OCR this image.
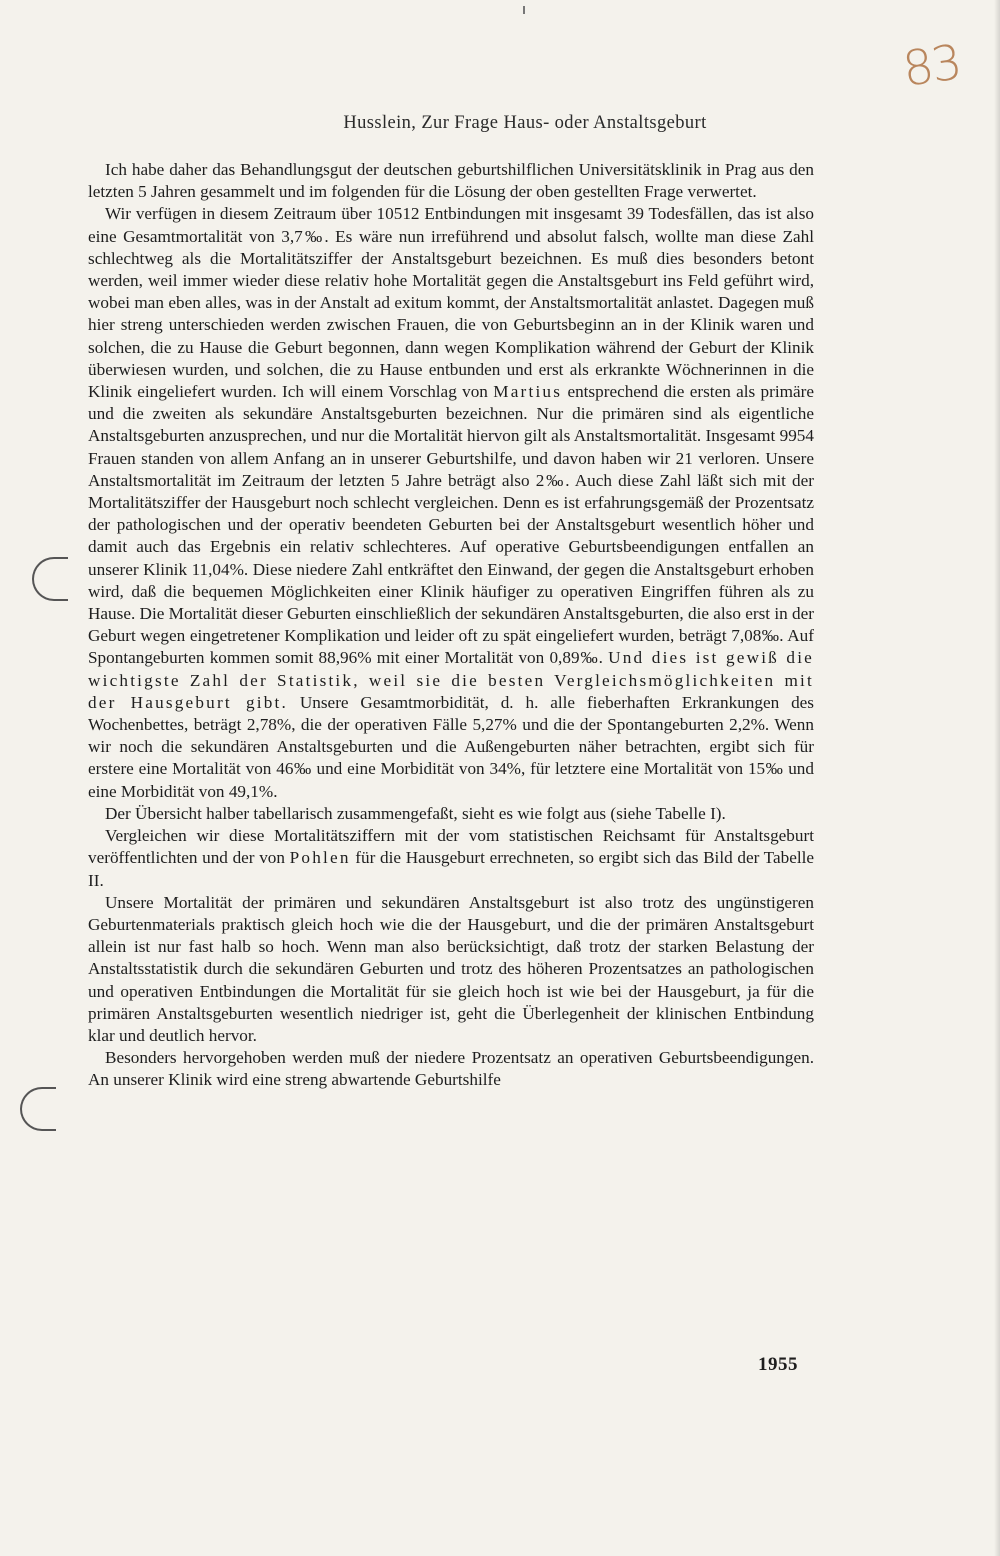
83
Husslein, Zur Frage Haus- oder Anstaltsgeburt

Ich habe daher das Behandlungsgut der deutschen geburtshilflichen Universitätsklinik in Prag aus den letzten 5 Jahren gesammelt und im folgenden für die Lösung der oben gestellten Frage verwertet.

Wir verfügen in diesem Zeitraum über 10512 Entbindungen mit insgesamt 39 Todesfällen, das ist also eine Gesamtmortalität von 3,7‰. Es wäre nun irreführend und absolut falsch, wollte man diese Zahl schlechtweg als die Mortalitätsziffer der Anstaltsgeburt bezeichnen. Es muß dies besonders betont werden, weil immer wieder diese relativ hohe Mortalität gegen die Anstaltsgeburt ins Feld geführt wird, wobei man eben alles, was in der Anstalt ad exitum kommt, der Anstaltsmortalität anlastet. Dagegen muß hier streng unterschieden werden zwischen Frauen, die von Geburtsbeginn an in der Klinik waren und solchen, die zu Hause die Geburt begonnen, dann wegen Komplikation während der Geburt der Klinik überwiesen wurden, und solchen, die zu Hause entbunden und erst als erkrankte Wöchnerinnen in die Klinik eingeliefert wurden. Ich will einem Vorschlag von Martius entsprechend die ersten als primäre und die zweiten als sekundäre Anstaltsgeburten bezeichnen. Nur die primären sind als eigentliche Anstaltsgeburten anzusprechen, und nur die Mortalität hiervon gilt als Anstaltsmortalität. Insgesamt 9954 Frauen standen von allem Anfang an in unserer Geburtshilfe, und davon haben wir 21 verloren. Unsere Anstaltsmortalität im Zeitraum der letzten 5 Jahre beträgt also 2‰. Auch diese Zahl läßt sich mit der Mortalitätsziffer der Hausgeburt noch schlecht vergleichen. Denn es ist erfahrungsgemäß der Prozentsatz der pathologischen und der operativ beendeten Geburten bei der Anstaltsgeburt wesentlich höher und damit auch das Ergebnis ein relativ schlechteres. Auf operative Geburtsbeendigungen entfallen an unserer Klinik 11,04%. Diese niedere Zahl entkräftet den Einwand, der gegen die Anstaltsgeburt erhoben wird, daß die bequemen Möglichkeiten einer Klinik häufiger zu operativen Eingriffen führen als zu Hause. Die Mortalität dieser Geburten einschließlich der sekundären Anstaltsgeburten, die also erst in der Geburt wegen eingetretener Komplikation und leider oft zu spät eingeliefert wurden, beträgt 7,08‰. Auf Spontangeburten kommen somit 88,96% mit einer Mortalität von 0,89‰. Und dies ist gewiß die wichtigste Zahl der Statistik, weil sie die besten Vergleichsmöglichkeiten mit der Hausgeburt gibt. Unsere Gesamtmorbidität, d. h. alle fieberhaften Erkrankungen des Wochenbettes, beträgt 2,78%, die der operativen Fälle 5,27% und die der Spontangeburten 2,2%. Wenn wir noch die sekundären Anstaltsgeburten und die Außengeburten näher betrachten, ergibt sich für erstere eine Mortalität von 46‰ und eine Morbidität von 34%, für letztere eine Mortalität von 15‰ und eine Morbidität von 49,1%.

Der Übersicht halber tabellarisch zusammengefaßt, sieht es wie folgt aus (siehe Tabelle I).

Vergleichen wir diese Mortalitätsziffern mit der vom statistischen Reichsamt für Anstaltsgeburt veröffentlichten und der von Pohlen für die Hausgeburt errechneten, so ergibt sich das Bild der Tabelle II.

Unsere Mortalität der primären und sekundären Anstaltsgeburt ist also trotz des ungünstigeren Geburtenmaterials praktisch gleich hoch wie die der Hausgeburt, und die der primären Anstaltsgeburt allein ist nur fast halb so hoch. Wenn man also berücksichtigt, daß trotz der starken Belastung der Anstaltsstatistik durch die sekundären Geburten und trotz des höheren Prozentsatzes an pathologischen und operativen Entbindungen die Mortalität für sie gleich hoch ist wie bei der Hausgeburt, ja für die primären Anstaltsgeburten wesentlich niedriger ist, geht die Überlegenheit der klinischen Entbindung klar und deutlich hervor.

Besonders hervorgehoben werden muß der niedere Prozentsatz an operativen Geburtsbeendigungen. An unserer Klinik wird eine streng abwartende Geburtshilfe

1955
